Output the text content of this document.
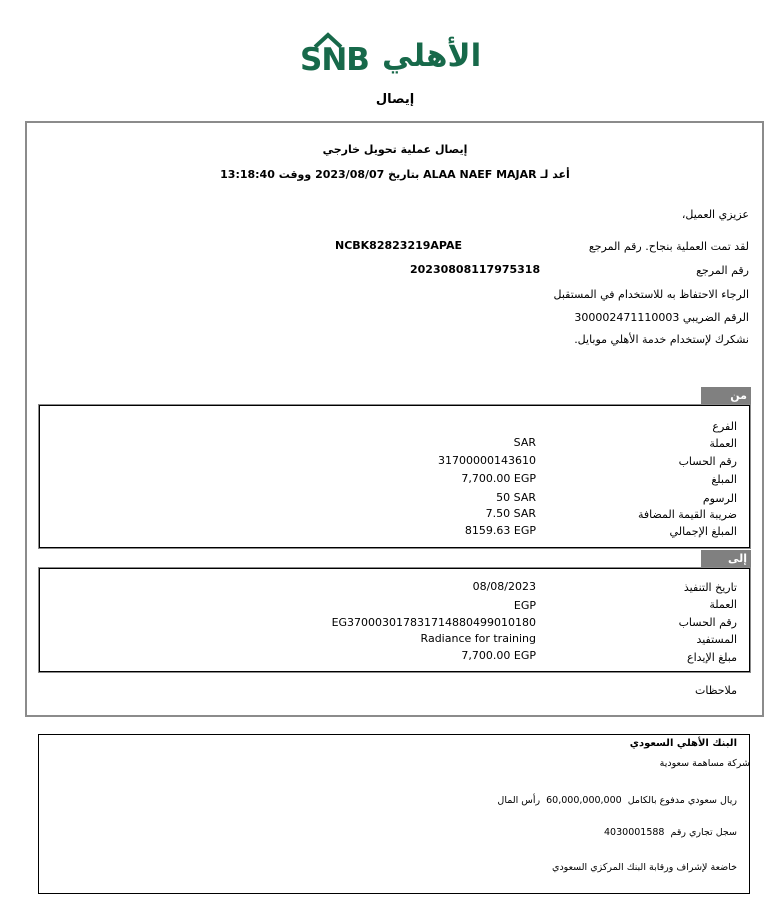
SNB الأهلي
إيصال
إيصال عملية تحويل خارجي
أعد لـ ALAA NAEF MAJAR بتاريخ 2023/08/07 ووقت 13:18:40
عزيزي العميل،
لقد تمت العملية بنجاح. رقم المرجع
NCBK82823219APAE
رقم المرجع
20230808117975318
الرجاء الاحتفاظ به للاستخدام في المستقبل
300002471110003 الرقم الضريبي
نشكرك لإستخدام خدمة الأهلي موبايل.
من
الفرع
العملة
SAR
رقم الحساب
31700000143610
المبلغ
7,700.00 EGP
الرسوم
50 SAR
ضريبة القيمة المضافة
7.50 SAR
المبلغ الإجمالي
8159.63 EGP
إلى
تاريخ التنفيذ
08/08/2023
العملة
EGP
رقم الحساب
EG370003017831714880499010180
المستفيد
Radiance for training
مبلغ الإيداع
7,700.00 EGP
ملاحظات
البنك الأهلي السعودي
شركة مساهمة سعودية
ريال سعودي مدفوع بالكامل  60,000,000,000  رأس المال
4030001588 سجل تجاري رقم
خاضعة لإشراف ورقابة البنك المركزي السعودي
